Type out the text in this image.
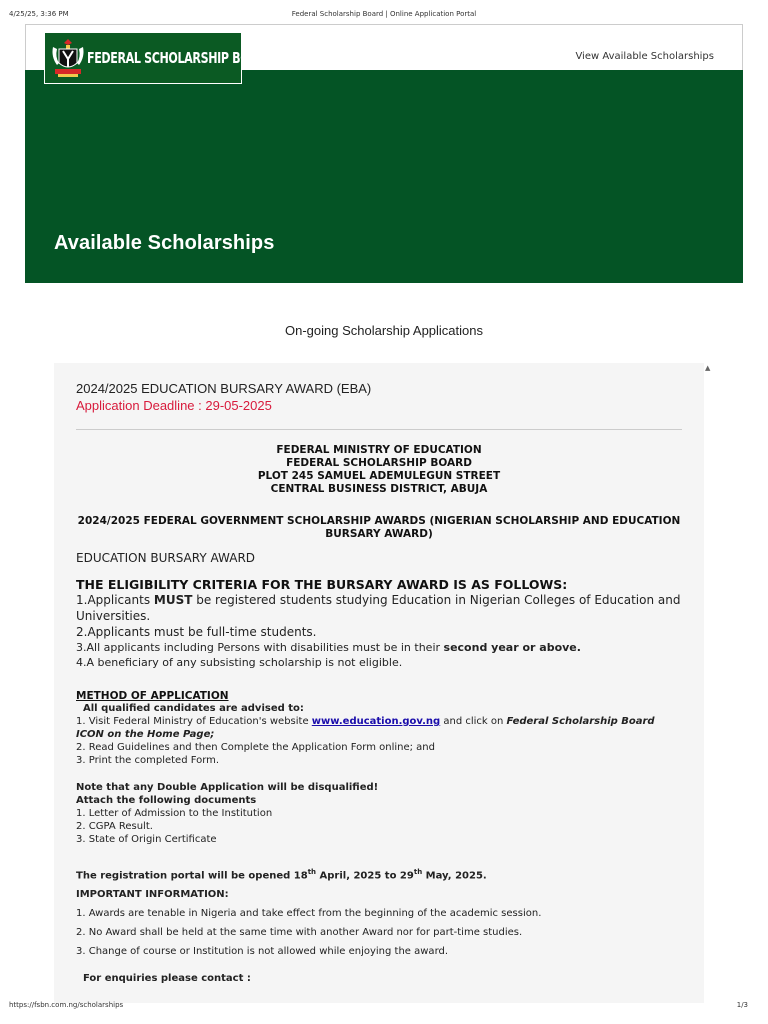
4/25/25, 3:36 PM	Federal Scholarship Board | Online Application Portal
FEDERAL SCHOLARSHIP BOARD	View Available Scholarships
Available Scholarships
On-going Scholarship Applications
2024/2025 EDUCATION BURSARY AWARD (EBA)
Application Deadline : 29-05-2025
FEDERAL MINISTRY OF EDUCATION
FEDERAL SCHOLARSHIP BOARD
PLOT 245 SAMUEL ADEMULEGUN STREET
CENTRAL BUSINESS DISTRICT, ABUJA
2024/2025 FEDERAL GOVERNMENT SCHOLARSHIP AWARDS (NIGERIAN SCHOLARSHIP AND EDUCATION BURSARY AWARD)
EDUCATION BURSARY AWARD
THE ELIGIBILITY CRITERIA FOR THE BURSARY AWARD IS AS FOLLOWS:
1.Applicants MUST be registered students studying Education in Nigerian Colleges of Education and Universities.
2.Applicants must be full-time students.
3.All applicants including Persons with disabilities must be in their second year or above.
4.A beneficiary of any subsisting scholarship is not eligible.
METHOD OF APPLICATION
All qualified candidates are advised to:
1. Visit Federal Ministry of Education's website www.education.gov.ng and click on Federal Scholarship Board ICON on the Home Page;
2. Read Guidelines and then Complete the Application Form online; and
3. Print the completed Form.
Note that any Double Application will be disqualified!
Attach the following documents
1. Letter of Admission to the Institution
2. CGPA Result.
3. State of Origin Certificate
The registration portal will be opened 18th April, 2025 to 29th May, 2025.
IMPORTANT INFORMATION:
1. Awards are tenable in Nigeria and take effect from the beginning of the academic session.
2. No Award shall be held at the same time with another Award nor for part-time studies.
3. Change of course or Institution is not allowed while enjoying the award.
For enquiries please contact :
▲
https://fsbn.com.ng/scholarships	1/3
